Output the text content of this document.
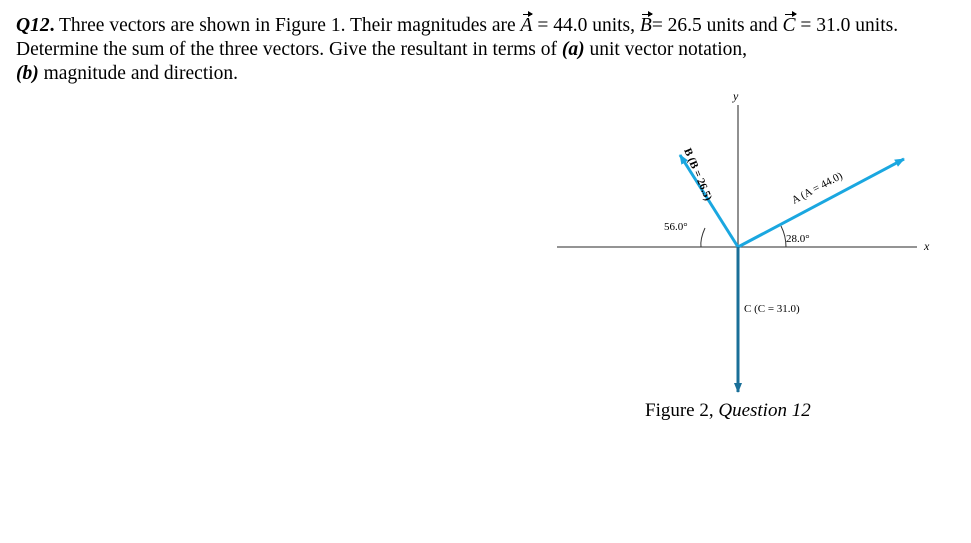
Q12. Three vectors are shown in Figure 1. Their magnitudes are A = 44.0 units, B= 26.5 units and C = 31.0 units. Determine the sum of the three vectors. Give the resultant in terms of (a) unit vector notation,
(b) magnitude and direction.
x
y
56.0°
28.0°
A (A = 44.0)
B (B = 26.5)
C (C = 31.0)
Figure 2, Question 12
